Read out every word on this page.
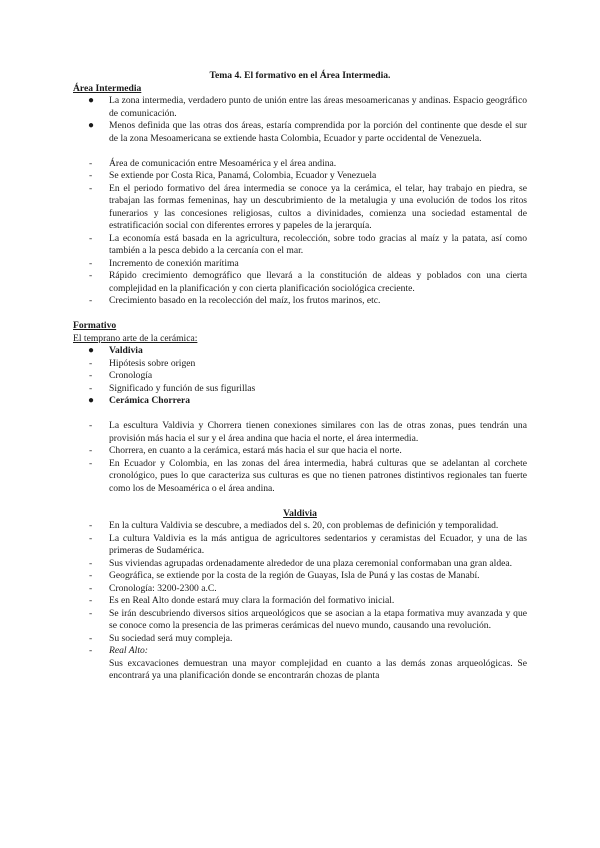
Tema 4. El formativo en el Área Intermedia.

Área Intermedia

● La zona intermedia, verdadero punto de unión entre las áreas mesoamericanas y andinas. Espacio geográfico de comunicación.
● Menos definida que las otras dos áreas, estaría comprendida por la porción del continente que desde el sur de la zona Mesoamericana se extiende hasta Colombia, Ecuador y parte occidental de Venezuela.
- Área de comunicación entre Mesoamérica y el área andina.
- Se extiende por Costa Rica, Panamá, Colombia, Ecuador y Venezuela
- En el periodo formativo del área intermedia se conoce ya la cerámica, el telar, hay trabajo en piedra, se trabajan las formas femeninas, hay un descubrimiento de la metalugia y una evolución de todos los ritos funerarios y las concesiones religiosas, cultos a divinidades, comienza una sociedad estamental de estratificación social con diferentes errores y papeles de la jerarquía.
- La economía está basada en la agricultura, recolección, sobre todo gracias al maíz y la patata, así como también a la pesca debido a la cercanía con el mar.
- Incremento de conexión marítima
- Rápido crecimiento demográfico que llevará a la constitución de aldeas y poblados con una cierta complejidad en la planificación y con cierta planificación sociológica creciente.
- Crecimiento basado en la recolección del maíz, los frutos marinos, etc.

Formativo

El temprano arte de la cerámica:

● Valdivia
- Hipótesis sobre origen
- Cronología
- Significado y función de sus figurillas
● Cerámica Chorrera
- La escultura Valdivia y Chorrera tienen conexiones similares con las de otras zonas, pues tendrán una provisión más hacia el sur y el área andina que hacia el norte, el área intermedia.
- Chorrera, en cuanto a la cerámica, estará más hacia el sur que hacia el norte.
- En Ecuador y Colombia, en las zonas del área intermedia, habrá culturas que se adelantan al corchete cronológico, pues lo que caracteriza sus culturas es que no tienen patrones distintivos regionales tan fuerte como los de Mesoamérica o el área andina.

Valdivia

- En la cultura Valdivia se descubre, a mediados del s. 20, con problemas de definición y temporalidad.
- La cultura Valdivia es la más antigua de agricultores sedentarios y ceramistas del Ecuador, y una de las primeras de Sudamérica.
- Sus viviendas agrupadas ordenadamente alrededor de una plaza ceremonial conformaban una gran aldea.
- Geográfica, se extiende por la costa de la región de Guayas, Isla de Puná y las costas de Manabí.
- Cronología: 3200-2300 a.C.
- Es en Real Alto donde estará muy clara la formación del formativo inicial.
- Se irán descubriendo diversos sitios arqueológicos que se asocian a la etapa formativa muy avanzada y que se conoce como la presencia de las primeras cerámicas del nuevo mundo, causando una revolución.
- Su sociedad será muy compleja.
- Real Alto:

Sus excavaciones demuestran una mayor complejidad en cuanto a las demás zonas arqueológicas. Se encontrará ya una planificación donde se encontrarán chozas de planta
